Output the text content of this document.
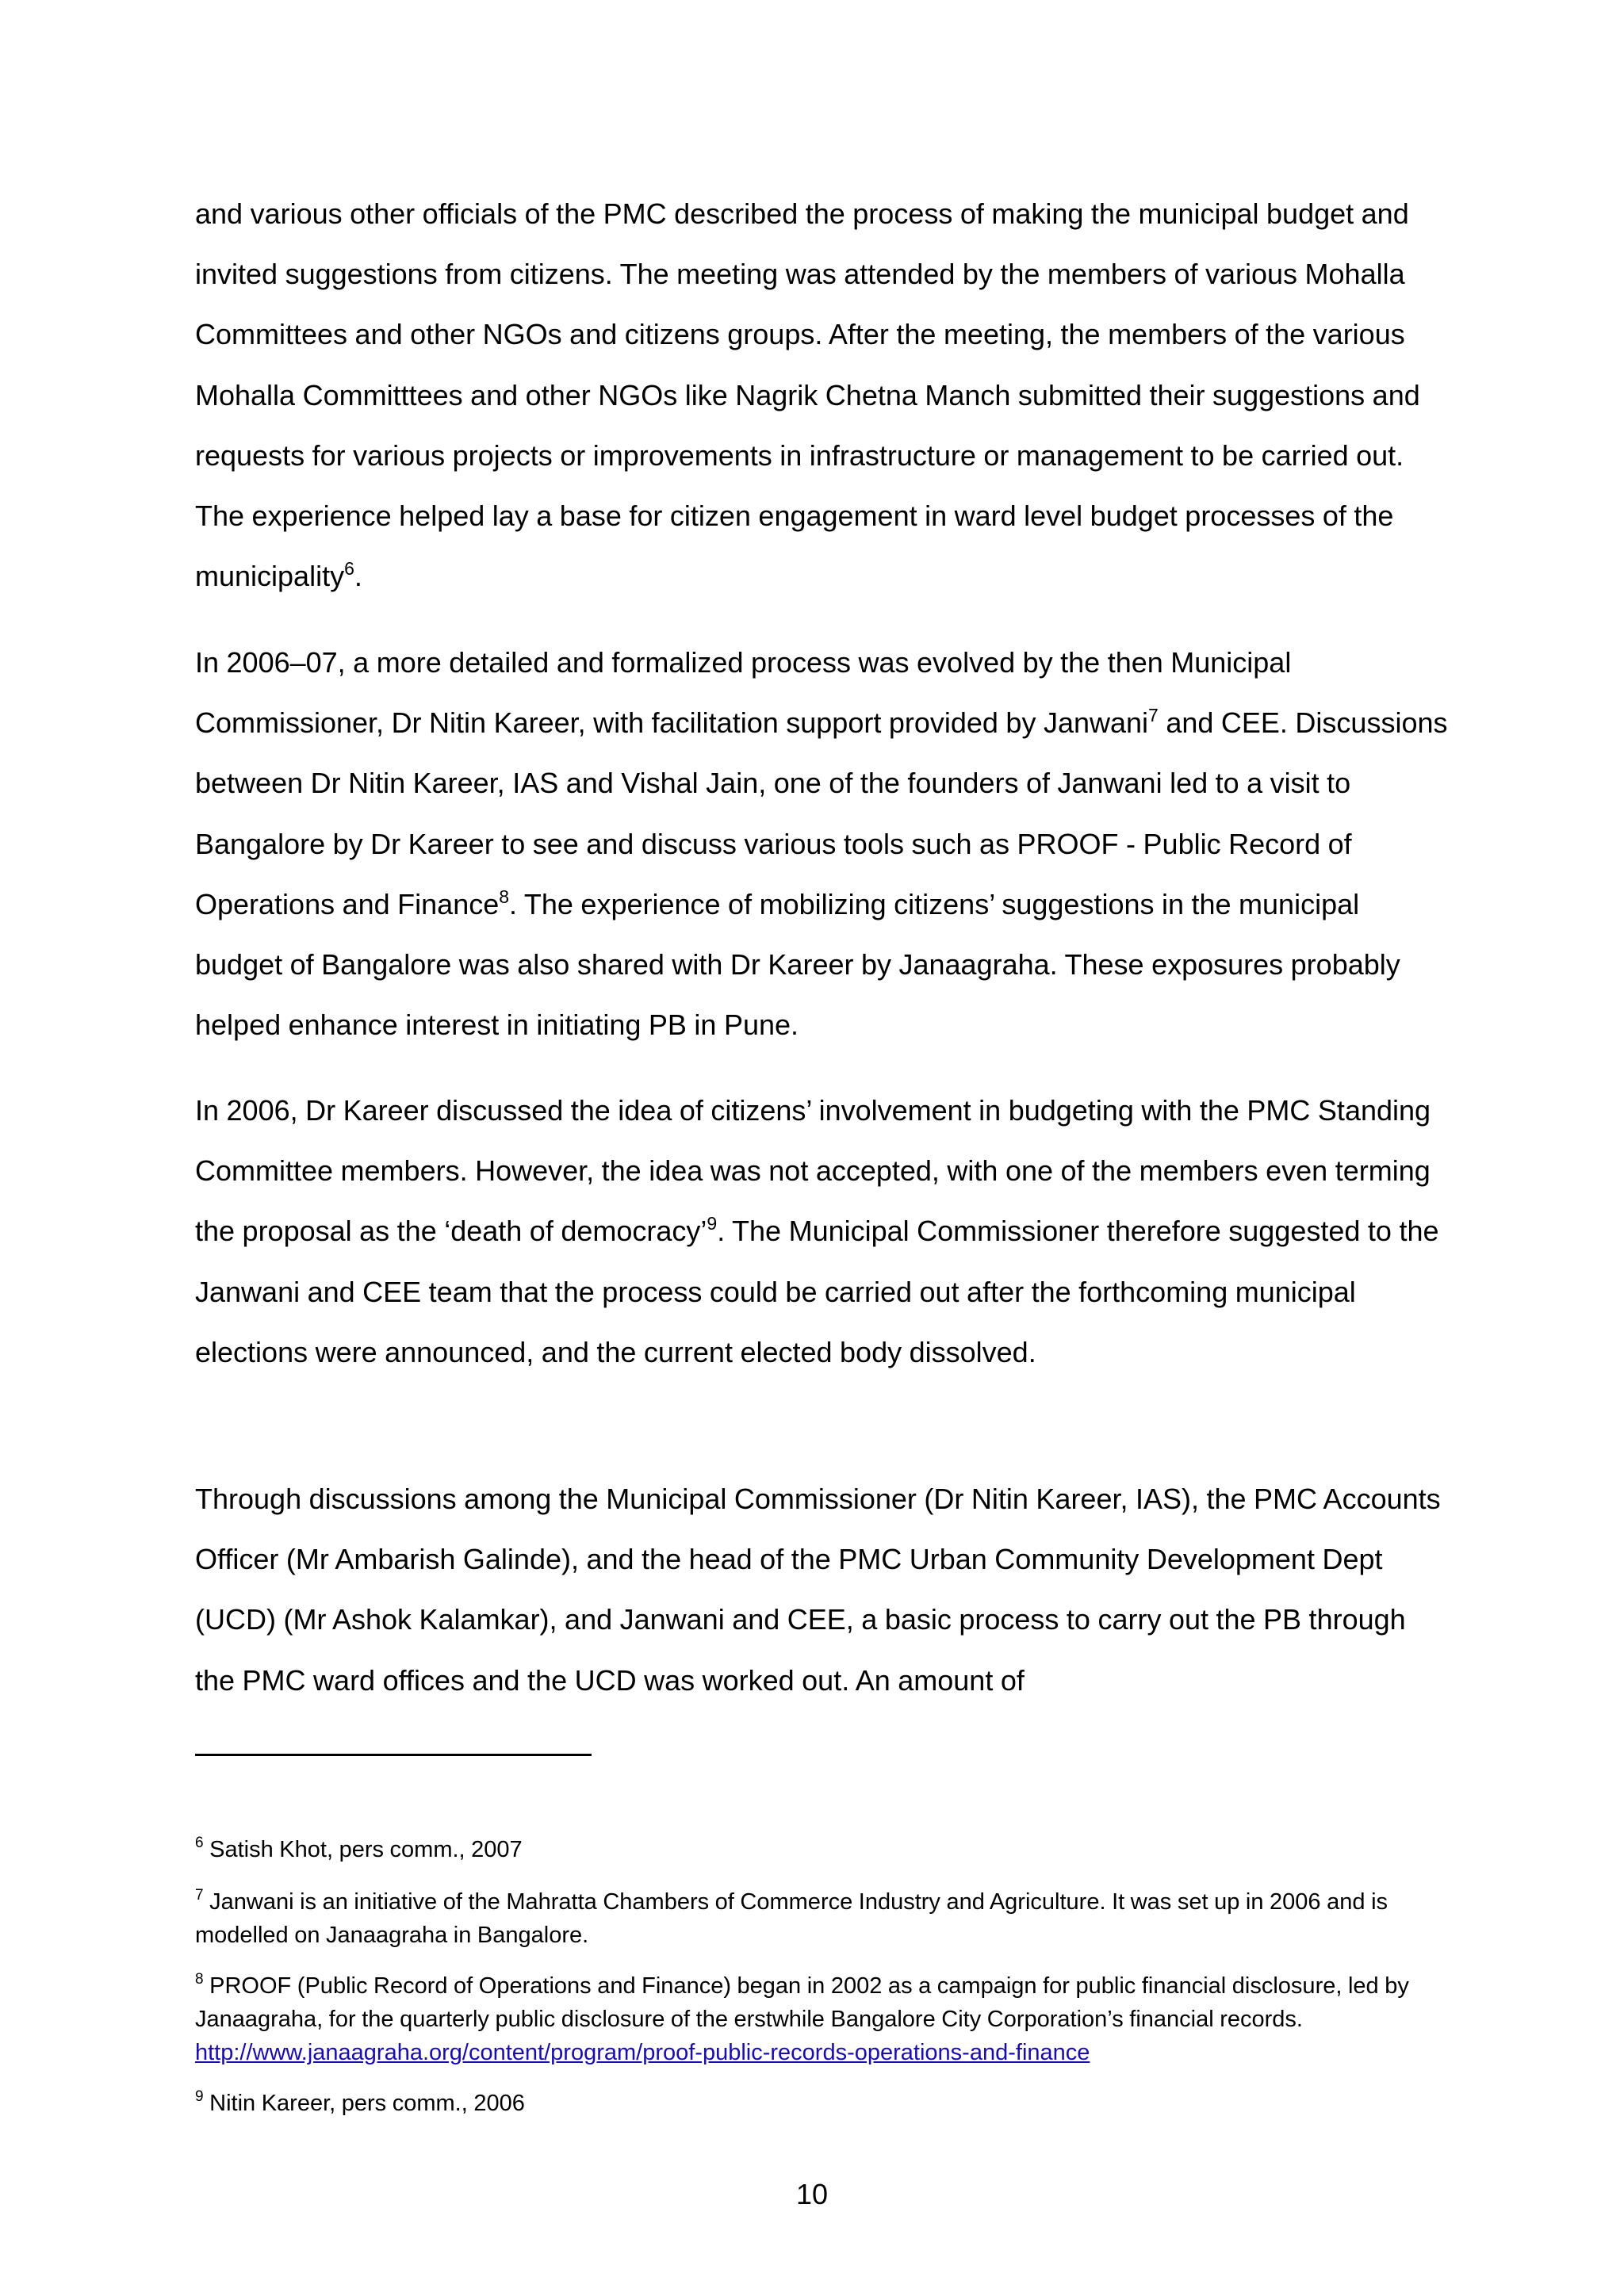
and various other officials of the PMC described the process of making the municipal budget and invited suggestions from citizens. The meeting was attended by the members of various Mohalla Committees and other NGOs and citizens groups. After the meeting, the members of the various Mohalla Committtees and other NGOs like Nagrik Chetna Manch submitted their suggestions and requests for various projects or improvements in infrastructure or management to be carried out. The experience helped lay a base for citizen engagement in ward level budget processes of the municipality$^6$.

In 2006–07, a more detailed and formalized process was evolved by the then Municipal Commissioner, Dr Nitin Kareer, with facilitation support provided by Janwani$^7$ and CEE. Discussions between Dr Nitin Kareer, IAS and Vishal Jain, one of the founders of Janwani led to a visit to Bangalore by Dr Kareer to see and discuss various tools such as PROOF - Public Record of Operations and Finance$^8$. The experience of mobilizing citizens’ suggestions in the municipal budget of Bangalore was also shared with Dr Kareer by Janaagraha. These exposures probably helped enhance interest in initiating PB in Pune.

In 2006, Dr Kareer discussed the idea of citizens’ involvement in budgeting with the PMC Standing Committee members. However, the idea was not accepted, with one of the members even terming the proposal as the ‘death of democracy’$^9$. The Municipal Commissioner therefore suggested to the Janwani and CEE team that the process could be carried out after the forthcoming municipal elections were announced, and the current elected body dissolved.

Through discussions among the Municipal Commissioner (Dr Nitin Kareer, IAS), the PMC Accounts Officer (Mr Ambarish Galinde), and the head of the PMC Urban Community Development Dept (UCD) (Mr Ashok Kalamkar), and Janwani and CEE, a basic process to carry out the PB through the PMC ward offices and the UCD was worked out. An amount of

$^6$ Satish Khot, pers comm., 2007

$^7$ Janwani is an initiative of the Mahratta Chambers of Commerce Industry and Agriculture. It was set up in 2006 and is modelled on Janaagraha in Bangalore.

$^8$ PROOF (Public Record of Operations and Finance) began in 2002 as a campaign for public financial disclosure, led by Janaagraha, for the quarterly public disclosure of the erstwhile Bangalore City Corporation’s financial records. http://www.janaagraha.org/content/program/proof-public-records-operations-and-finance

$^9$ Nitin Kareer, pers comm., 2006

10
